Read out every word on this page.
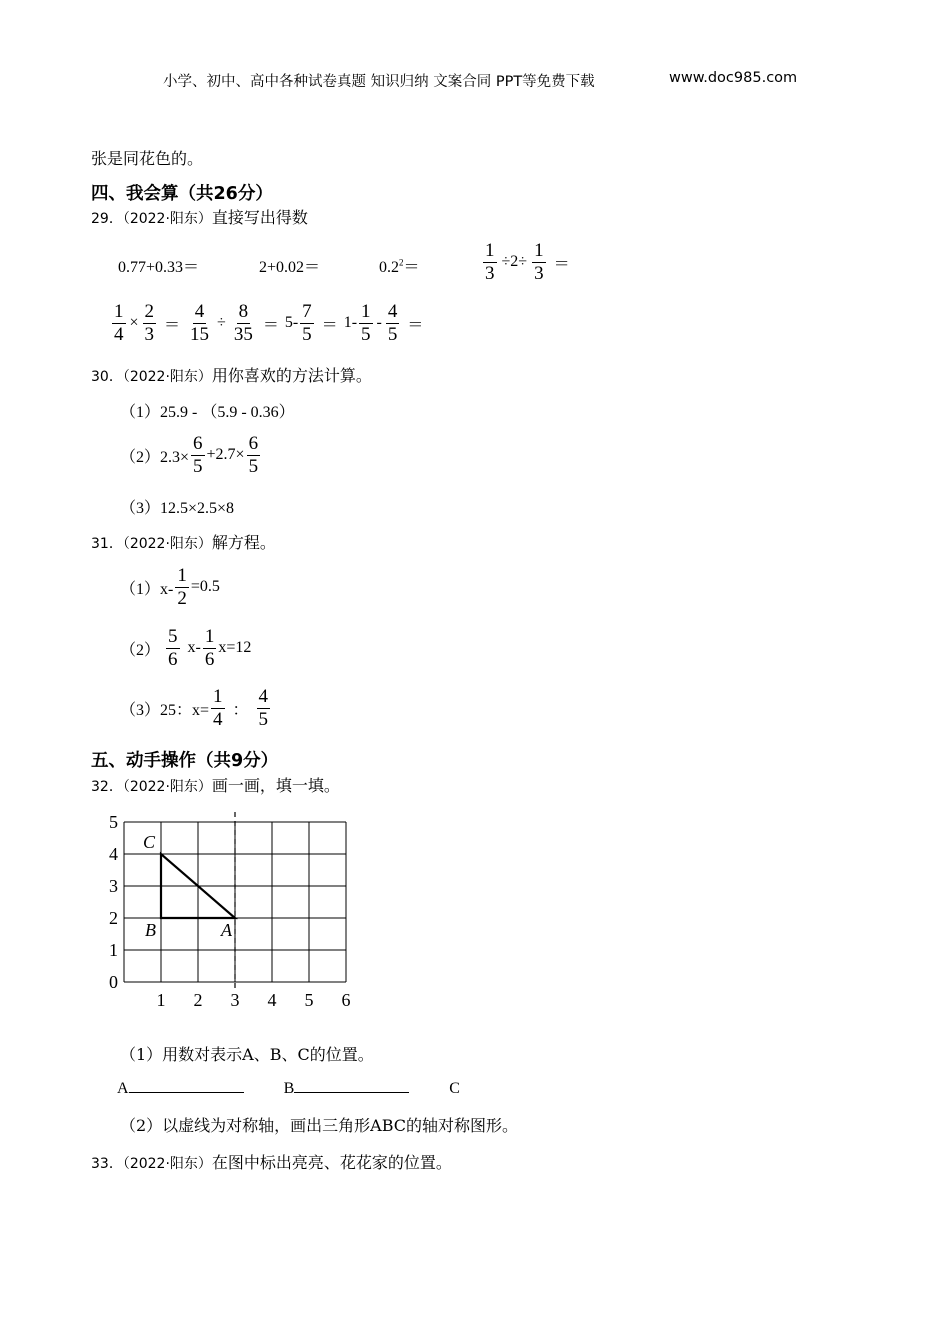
小学、初中、高中各种试卷真题 知识归纳 文案合同 PPT等免费下载	www.doc985.com
张是同花色的。
四、我会算（共26分）
29．（2022·阳东）直接写出得数
0.77+0.33＝	2+0.02＝	$0.2^2=$	$\frac{1}{3} \div 2\div \frac{1}{3}$ ＝
$\frac{1}{4} \times \frac{2}{3} = \frac{4}{15} \div \frac{8}{35} = 5- \frac{7}{5} = 1- \frac{1}{5} - \frac{4}{5}$ ＝
30．（2022·阳东）用你喜欢的方法计算。
（1）25.9 - （5.9 - 0.36）
$(2)2.3\times \frac{6}{5} +2.7\times \frac{6}{5}$
（3）12.5×2.5×8
31．（2022·阳东）解方程。
$(1)x- \frac{1}{2} =0.5$
$(2) \frac{5}{6} x- \frac{1}{6} x=12$
（3）25：$x= \frac{1}{4}$ ： $\frac{4}{5}$
五、动手操作（共9分）
32．（2022·阳东）画一画，填一填。
1 2 3 4 5 6
0
1
2
3
4
5
A
B
C
（1）用数对表示A、B、C的位置。
A	B	C
（2）以虚线为对称轴，画出三角形ABC的轴对称图形。
33．（2022·阳东）在图中标出亮亮、花花家的位置。
